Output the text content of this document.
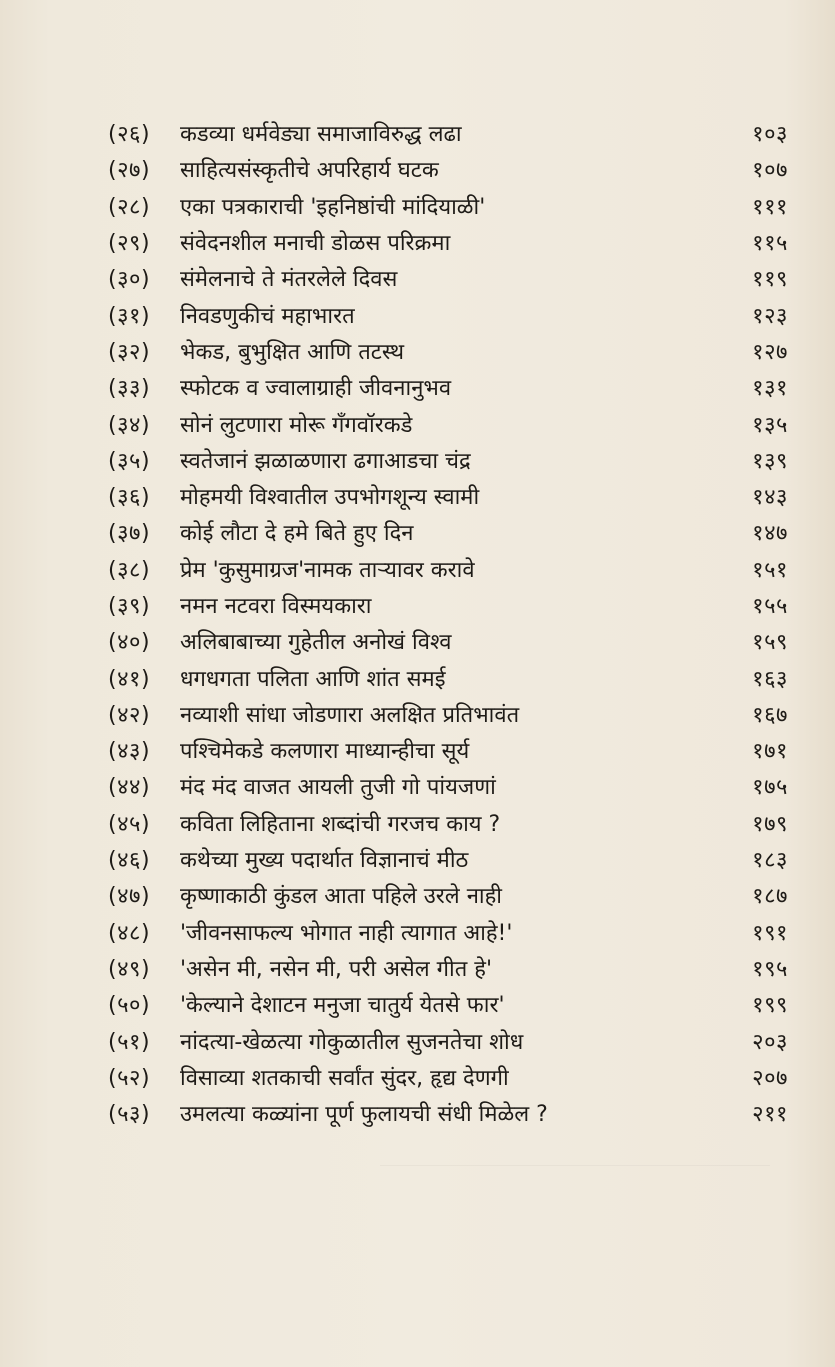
(२६)	कडव्या धर्मवेड्या समाजाविरुद्ध लढा	१०३
(२७)	साहित्यसंस्कृतीचे अपरिहार्य घटक	१०७
(२८)	एका पत्रकाराची 'इहनिष्ठांची मांदियाळी'	१११
(२९)	संवेदनशील मनाची डोळस परिक्रमा	११५
(३०)	संमेलनाचे ते मंतरलेले दिवस	११९
(३१)	निवडणुकीचं महाभारत	१२३
(३२)	भेकड, बुभुक्षित आणि तटस्थ	१२७
(३३)	स्फोटक व ज्वालाग्राही जीवनानुभव	१३१
(३४)	सोनं लुटणारा मोरू गँगवॉरकडे	१३५
(३५)	स्वतेजानं झळाळणारा ढगाआडचा चंद्र	१३९
(३६)	मोहमयी विश्वातील उपभोगशून्य स्वामी	१४३
(३७)	कोई लौटा दे हमे बिते हुए दिन	१४७
(३८)	प्रेम 'कुसुमाग्रज'नामक ताऱ्यावर करावे	१५१
(३९)	नमन नटवरा विस्मयकारा	१५५
(४०)	अलिबाबाच्या गुहेतील अनोखं विश्व	१५९
(४१)	धगधगता पलिता आणि शांत समई	१६३
(४२)	नव्याशी सांधा जोडणारा अलक्षित प्रतिभावंत	१६७
(४३)	पश्चिमेकडे कलणारा माध्यान्हीचा सूर्य	१७१
(४४)	मंद मंद वाजत आयली तुजी गो पांयजणां	१७५
(४५)	कविता लिहिताना शब्दांची गरजच काय ?	१७९
(४६)	कथेच्या मुख्य पदार्थात विज्ञानाचं मीठ	१८३
(४७)	कृष्णाकाठी कुंडल आता पहिले उरले नाही	१८७
(४८)	'जीवनसाफल्य भोगात नाही त्यागात आहे!'	१९१
(४९)	'असेन मी, नसेन मी, परी असेल गीत हे'	१९५
(५०)	'केल्याने देशाटन मनुजा चातुर्य येतसे फार'	१९९
(५१)	नांदत्या-खेळत्या गोकुळातील सुजनतेचा शोध	२०३
(५२)	विसाव्या शतकाची सर्वांत सुंदर, हृद्य देणगी	२०७
(५३)	उमलत्या कळ्यांना पूर्ण फुलायची संधी मिळेल ?	२११
